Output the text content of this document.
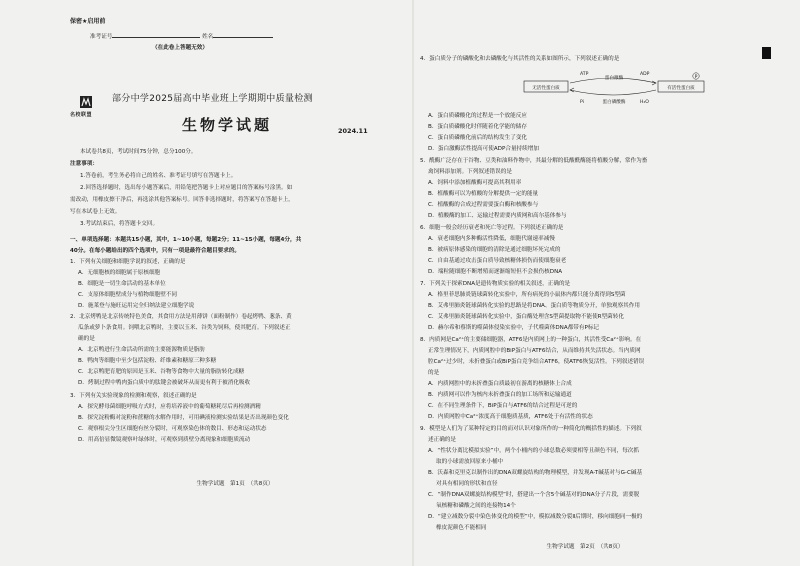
保密★启用前
准考证号	姓名
（在此卷上答题无效）
名校联盟
部分中学2025届高中毕业班上学期期中质量检测
生物学试题	2024.11
本试卷共8页，考试时间75分钟，总分100分。
注意事项：
1.答卷前，考生务必将自己的姓名、准考证号填写在答题卡上。
2.回答选择题时，选出每小题答案后，用铅笔把答题卡上对应题目的答案标号涂黑。如
需改动，用橡皮擦干净后，再选涂其他答案标号。回答非选择题时，将答案写在答题卡上，
写在本试卷上无效。
3.考试结束后，将答题卡交回。
一、单项选择题：本题共15小题，其中，1~10小题，每题2分；11~15小题，每题4分，共
40分。在每小题给出的四个选项中，只有一项是最符合题目要求的。
1．下列有关细胞和细胞学说的叙述，正确的是
A．无细胞核的细胞属于原核细胞
B．细胞是一切生命活动的基本单位
C．支原体细胞壁成分与植物细胞壁不同
D．施莱登与施旺运用完全归纳法建立细胞学说
2．北京烤鸭是北京传统特色美食，其食用方法是用薄饼（面粉制作）卷起烤鸭、葱条、黄
瓜条或萝卜条食用。饲喂北京鸭时，主要以玉米、谷类为饲料，使其肥育。下列叙述正
确的是
A．北京鸭进行生命活动所需的主要能源物质是脂肪
B．鸭肉等细胞中至少包括淀粉、纤维素和糖原三种多糖
C．北京鸭肥育肥的原因是玉米、谷物等食物中大量的脂肪转化成糖
D．烤制过程中鸭肉蛋白质中的肽键会被破坏从而更有利于被消化吸收
3．下列有关实验现象的检测和观察，叙述正确的是
A．探究酵母菌细胞呼吸方式时，应将培养液中的葡萄糖耗尽后再检测酒精
B．探究淀粉酶对淀粉和蔗糖的水解作用时，可用碘液检测实验结果是否出现颜色变化
C．观察根尖分生区细胞有丝分裂时，可观察染色体的数目、形态和运动状态
D．用高倍显微镜观察叶绿体时，可观察到质壁分离现象和细胞质流动
生物学试题　第1页　（共8页）
4．蛋白质分子的磷酸化和去磷酸化与其活性的关系如图所示，下列叙述正确的是
无活性蛋白质	有活性蛋白质
蛋白激酶
蛋白磷酸酶
ATP	ADP
Pi	H₂O
P
A．蛋白质磷酸化的过程是一个放能反应
B．蛋白质磷酸化时伴随着化学能的储存
C．蛋白质磷酸化前后的结构发生了变化
D．蛋白激酶活性提高可使ADP合量持续增加
5．酰酶广泛存在于谷物、豆类和油料作物中，其最分解的低酸酰酶能将植酸分解，常作为畜
禽饲料添加剂。下列叙述错误的是
A．饲料中添加植酸酶可提高其利用率
B．植酸酶可以为植酸的分解提供一定的能量
C．植酸酶的合成过程需要蛋白酶和核酸参与
D．植酸酶的加工、运输过程需要内质网和高尔基体参与
6．细胞一般会经历衰老和死亡等过程。下列叙述正确的是
A．衰老细胞内多种酶活性降低，细胞代谢速率减慢
B．被病原体感染的细胞的清除是通过细胞坏死完成的
C．自由基通过攻击蛋白质导致核糖体损伤而使细胞衰老
D．端粒随细胞不断增殖而逐渐缩短但不会损伤核DNA
7．下列关于探索DNA是遗传物质实验的相关叙述，正确的是
A．格里菲思肺炎链球菌转化实验中，所有病死的小鼠体内都只能分离得到S型菌
B．艾弗里肺炎链球菌转化实验的思路是将DNA、蛋白质等物质分开，单独观察其作用
C．艾弗里肺炎链球菌转化实验中，蛋白酶处理含S型菌提取物不能使R型菌转化
D．赫尔希和蔡斯的噬菌体侵染实验中，子代噬菌体DNA都带有P标记
8．内质网是Ca²⁺的主要储细胞器，ATF6是内质网上的一种蛋白，其活性受Ca²⁺影响。在
正常生理情况下，内质网腔中的BiP蛋白与ATF6结合，从而维持其失活状态。当内质网
腔Ca²⁺过少时，未折叠蛋白或BiP蛋白竞争结合ATF6，使ATF6恢复活性。下列叙述错误
的是
A．内质网腔中的未折叠蛋白质最初在游离的核糖体上合成
B．内质网可以作为核内未折叠蛋白的加工场所和运输通道
C．在不同生理条件下，BiP蛋白与ATF6的结合过程是可逆的
D．内质网腔中Ca²⁺浓度高于细胞质基质，ATF6处于有活性的状态
9．模型是人们为了某种特定的目的而对认识对象所作的一种简化的概括性的描述。下列叙
述正确的是
A．“性状分离比模拟实验”中，两个小桶内的小球总数必须要相等且颜色不同，每次抓
取的小球需放回原来小桶中
B．沃森和克里克以制作出的DNA双螺旋结构的物理模型，并发现A-T碱基对与G-C碱基
对具有相同的形状和直径
C．“制作DNA双螺旋结构模型”时，搭建出一个含5个碱基对的DNA分子片段，需要脱
氧核糖和磷酸之间的连接物14个
D．“建立减数分裂中染色体变化的模型”中，模拟减数分裂Ⅱ后期时，移向细胞同一极的
橡皮泥颜色不能相同
生物学试题　第2页　（共8页）
